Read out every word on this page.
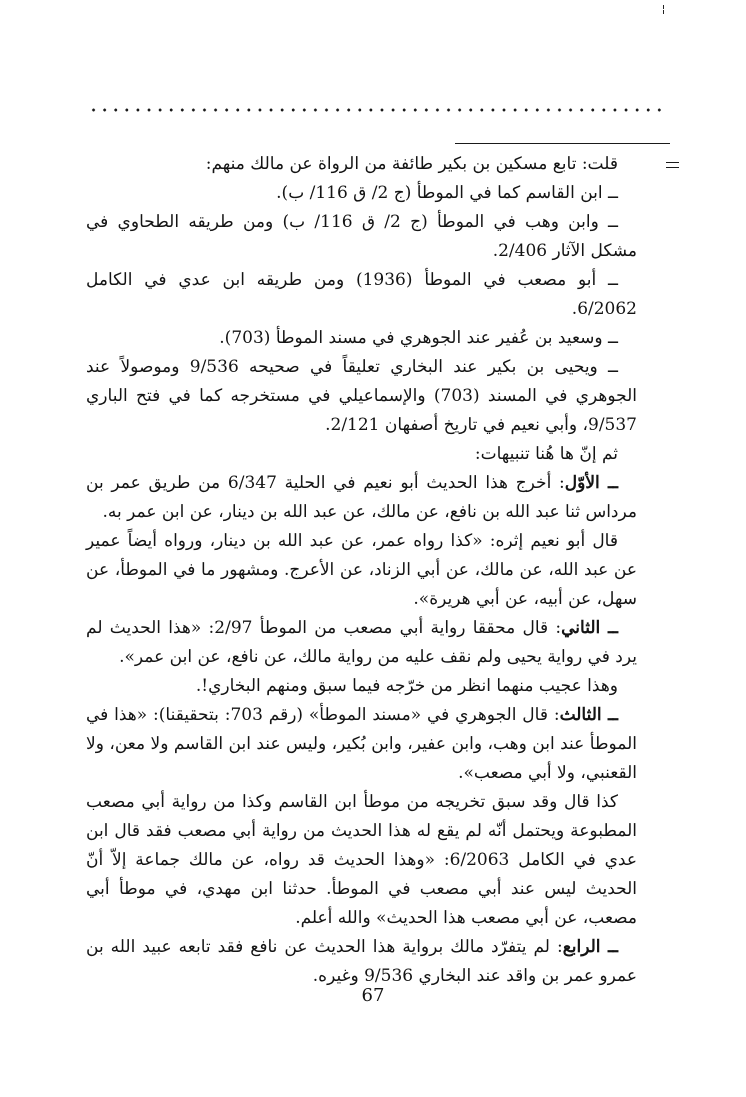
قلت: تابع مسكين بن بكير طائفة من الرواة عن مالك منهم:

ــ ابن القاسم كما في الموطأ (ج 2/ ق 116/ ب).

ــ وابن وهب في الموطأ (ج 2/ ق 116/ ب) ومن طريقه الطحاوي في مشكل الآثار 2/406.

ــ أبو مصعب في الموطأ (1936) ومن طريقه ابن عدي في الكامل 6/2062.

ــ وسعيد بن عُفير عند الجوهري في مسند الموطأ (703).

ــ ويحيى بن بكير عند البخاري تعليقاً في صحيحه 9/536 وموصولاً عند الجوهري في المسند (703) والإسماعيلي في مستخرجه كما في فتح الباري 9/537، وأبي نعيم في تاريخ أصفهان 2/121.

ثم إنّ ها هُنا تنبيهات:

ــ الأوّل: أخرج هذا الحديث أبو نعيم في الحلية 6/347 من طريق عمر بن مرداس ثنا عبد الله بن نافع، عن مالك، عن عبد الله بن دينار، عن ابن عمر به.

قال أبو نعيم إثره: «كذا رواه عمر، عن عبد الله بن دينار، ورواه أيضاً عمير عن عبد الله، عن مالك، عن أبي الزناد، عن الأعرج. ومشهور ما في الموطأ، عن سهل، عن أبيه، عن أبي هريرة».

ــ الثاني: قال محققا رواية أبي مصعب من الموطأ 2/97: «هذا الحديث لم يرد في رواية يحيى ولم نقف عليه من رواية مالك، عن نافع، عن ابن عمر».

وهذا عجيب منهما انظر من خرّجه فيما سبق ومنهم البخاري!.

ــ الثالث: قال الجوهري في «مسند الموطأ» (رقم 703: بتحقيقنا): «هذا في الموطأ عند ابن وهب، وابن عفير، وابن بُكير، وليس عند ابن القاسم ولا معن، ولا القعنبي، ولا أبي مصعب».

كذا قال وقد سبق تخريجه من موطأ ابن القاسم وكذا من رواية أبي مصعب المطبوعة ويحتمل أنّه لم يقع له هذا الحديث من رواية أبي مصعب فقد قال ابن عدي في الكامل 6/2063: «وهذا الحديث قد رواه، عن مالك جماعة إلاّ أنّ الحديث ليس عند أبي مصعب في الموطأ. حدثنا ابن مهدي، في موطأ أبي مصعب، عن أبي مصعب هذا الحديث» والله أعلم.

ــ الرابع: لم يتفرّد مالك برواية هذا الحديث عن نافع فقد تابعه عبيد الله بن عمرو عمر بن واقد عند البخاري 9/536 وغيره.

67
